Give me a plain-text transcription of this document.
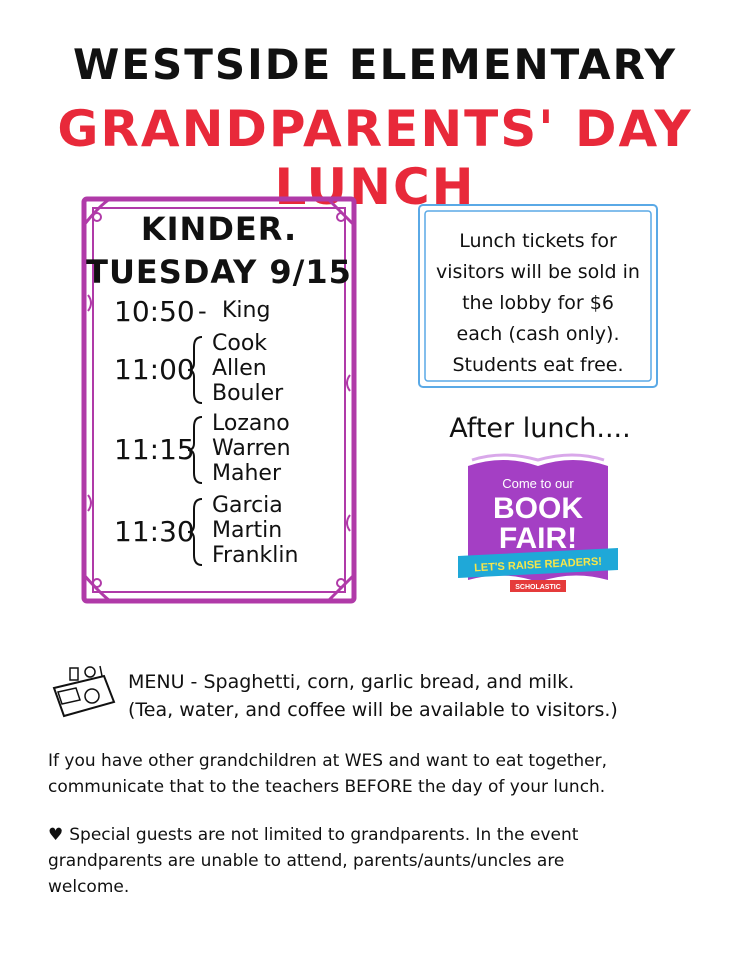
WESTSIDE ELEMENTARY
GRANDPARENTS' DAY LUNCH
KINDER.
TUESDAY 9/15
10:50 - King
11:00
Cook
Allen
Bouler
11:15
Lozano
Warren
Maher
11:30
Garcia
Martin
Franklin
Lunch tickets for
visitors will be sold in
the lobby for $6
each (cash only).
Students eat free.
After lunch....
Come to our
BOOK
FAIR!
LET'S RAISE READERS!
SCHOLASTIC
MENU - Spaghetti, corn, garlic bread, and milk.
(Tea, water, and coffee will be available to visitors.)
If you have other grandchildren at WES and want to eat together,
communicate that to the teachers BEFORE the day of your lunch.
♥ Special guests are not limited to grandparents. In the event
grandparents are unable to attend, parents/aunts/uncles are
welcome.
